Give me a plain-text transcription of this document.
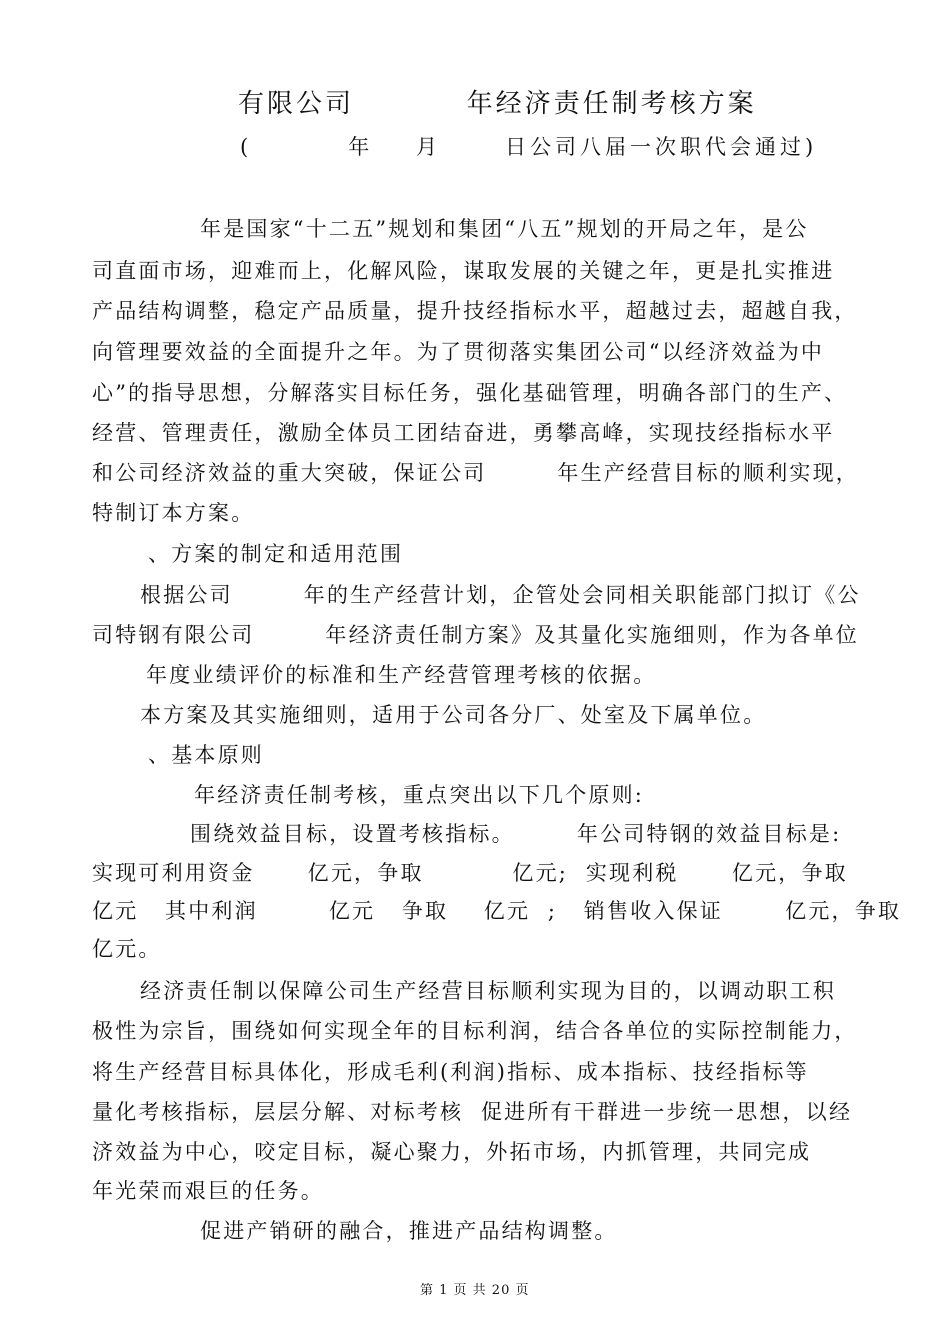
有限公司          年经济责任制考核方案
(         年    月      日公司八届一次职代会通过)
年是国家“十二五”规划和集团“八五”规划的开局之年，是公
司直面市场，迎难而上，化解风险，谋取发展的关键之年，更是扎实推进
产品结构调整，稳定产品质量，提升技经指标水平，超越过去，超越自我，
向管理要效益的全面提升之年。为了贯彻落实集团公司“以经济效益为中
心”的指导思想，分解落实目标任务，强化基础管理，明确各部门的生产、
经营、管理责任，激励全体员工团结奋进，勇攀高峰，实现技经指标水平
和公司经济效益的重大突破，保证公司        年生产经营目标的顺利实现，
特制订本方案。
、方案的制定和适用范围
根据公司        年的生产经营计划，企管处会同相关职能部门拟订《公
司特钢有限公司        年经济责任制方案》及其量化实施细则，作为各单位
年度业绩评价的标准和生产经营管理考核的依据。
本方案及其实施细则，适用于公司各分厂、处室及下属单位。
、基本原则
年经济责任制考核，重点突出以下几个原则:
围绕效益目标，设置考核指标。       年公司特钢的效益目标是:
实现可利用资金      亿元，争取          亿元;  实现利税      亿元，争取
亿元   其中利润        亿元   争取    亿元  ;   销售收入保证       亿元，争取
亿元。
经济责任制以保障公司生产经营目标顺利实现为目的，以调动职工积
极性为宗旨，围绕如何实现全年的目标利润，结合各单位的实际控制能力，
将生产经营目标具体化，形成毛利(利润)指标、成本指标、技经指标等
量化考核指标，层层分解、对标考核  促进所有干群进一步统一思想，以经
济效益为中心，咬定目标，凝心聚力，外拓市场，内抓管理，共同完成
年光荣而艰巨的任务。
促进产销研的融合，推进产品结构调整。
第 1 页 共 20 页
